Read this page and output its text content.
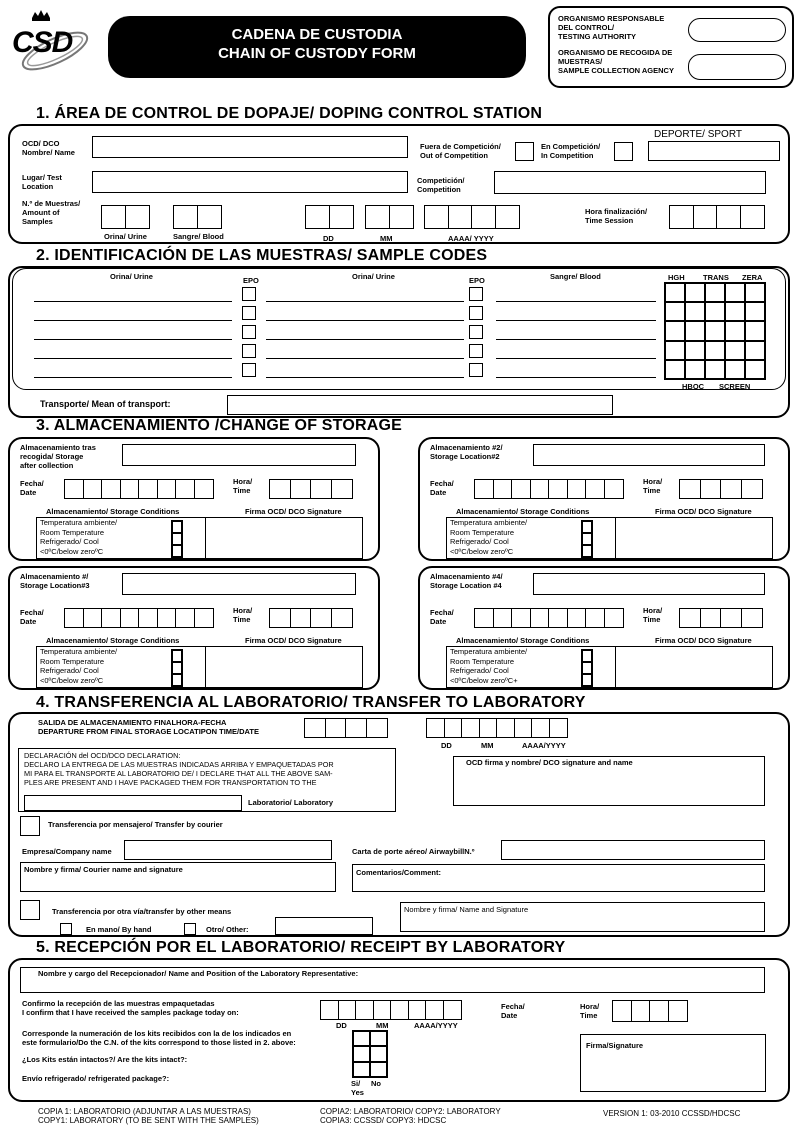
CSD	CADENA DE CUSTODIA
CHAIN OF CUSTODY FORM
ORGANISMO RESPONSABLE
DEL CONTROL/
TESTING AUTHORITY
ORGANISMO DE RECOGIDA DE
MUESTRAS/
SAMPLE COLLECTION AGENCY
1. ÁREA DE CONTROL DE DOPAJE/ DOPING CONTROL STATION
OCD/ DCO
Nombre/ Name
Fuera de Competición/
Out of Competition
En Competición/
In Competition
DEPORTE/ SPORT
Lugar/ Test
Location
Competición/
Competition
N.º de Muestras/
Amount of
Samples
Orina/ Urine	Sangre/ Blood	DD	MM	AAAA/ YYYY
Hora finalización/
Time Session
2. IDENTIFICACIÓN DE LAS MUESTRAS/ SAMPLE CODES
Orina/ Urine	EPO	Orina/ Urine	EPO	Sangre/ Blood	HGH TRANS ZERA
HBOC SCREEN
Transporte/ Mean of transport:
3. ALMACENAMIENTO /CHANGE OF STORAGE
Almacenamiento tras
recogida/ Storage
after collection
Fecha/
Date
Hora/
Time
Almacenamiento/ Storage Conditions	Firma OCD/ DCO Signature
Temperatura ambiente/
Room Temperature
Refrigerado/ Cool
<0ºC/below zeroºC
Almacenamiento #2/
Storage Location#2
Fecha/
Date
Hora/
Time
Almacenamiento/ Storage Conditions	Firma OCD/ DCO Signature
Temperatura ambiente/
Room Temperature
Refrigerado/ Cool
<0ºC/below zeroºC
Almacenamiento #/
Storage Location#3
Fecha/
Date
Hora/
Time
Almacenamiento/ Storage Conditions	Firma OCD/ DCO Signature
Temperatura ambiente/
Room Temperature
Refrigerado/ Cool
<0ºC/below zeroºC
Almacenamiento #4/
Storage Location #4
Fecha/
Date
Hora/
Time
Almacenamiento/ Storage Conditions	Firma OCD/ DCO Signature
Temperatura ambiente/
Room Temperature
Refrigerado/ Cool
<0ºC/below zeroºC+
4. TRANSFERENCIA AL LABORATORIO/ TRANSFER TO LABORATORY
SALIDA DE ALMACENAMIENTO FINALHORA-FECHA
DEPARTURE FROM FINAL STORAGE LOCATIPON TIME/DATE
DD	MM	AAAA/YYYY
DECLARACIÓN del OCD/DCO DECLARATION:
DECLARO LA ENTREGA DE LAS MUESTRAS INDICADAS ARRIBA Y EMPAQUETADAS POR
MI PARA EL TRANSPORTE AL LABORATORIO DE/ I DECLARE THAT ALL THE ABOVE SAM-
PLES ARE PRESENT AND I HAVE PACKAGED THEM FOR TRANSPORTATION TO THE
Laboratorio/ Laboratory
OCD firma y nombre/ DCO signature and name
Transferencia por mensajero/ Transfer by courier
Empresa/Company name	Carta de porte aéreo/ AirwaybillN.º
Nombre y firma/ Courier name and signature	Comentarios/Comment:
Transferencia por otra vía/transfer by other means
En mano/ By hand	Otro/ Other:
Nombre y firma/ Name and Signature
5. RECEPCIÓN POR EL LABORATORIO/ RECEIPT BY LABORATORY
Nombre y cargo del Recepcionador/ Name and Position of the Laboratory Representative:
Confirmo la recepción de las muestras empaquetadas
I confirm that I have received the samples package today on:
DD	MM	AAAA/YYYY
Fecha/
Date
Hora/
Time
Corresponde la numeración de los kits recibidos con la de los indicados en
este formulario/Do the C.N. of the kits correspond to those listed in 2. above:
¿Los Kits están intactos?/ Are the kits intact?:
Envío refrigerado/ refrigerated package?:
Si/
Yes
No
Firma/Signature
COPIA 1: LABORATORIO (ADJUNTAR A LAS MUESTRAS)
COPY1: LABORATORY (TO BE SENT WITH THE SAMPLES)
COPIA2: LABORATORIO/ COPY2: LABORATORY
COPIA3: CCSSD/ COPY3: HDCSC
VERSION 1: 03-2010 CCSSD/HDCSC
